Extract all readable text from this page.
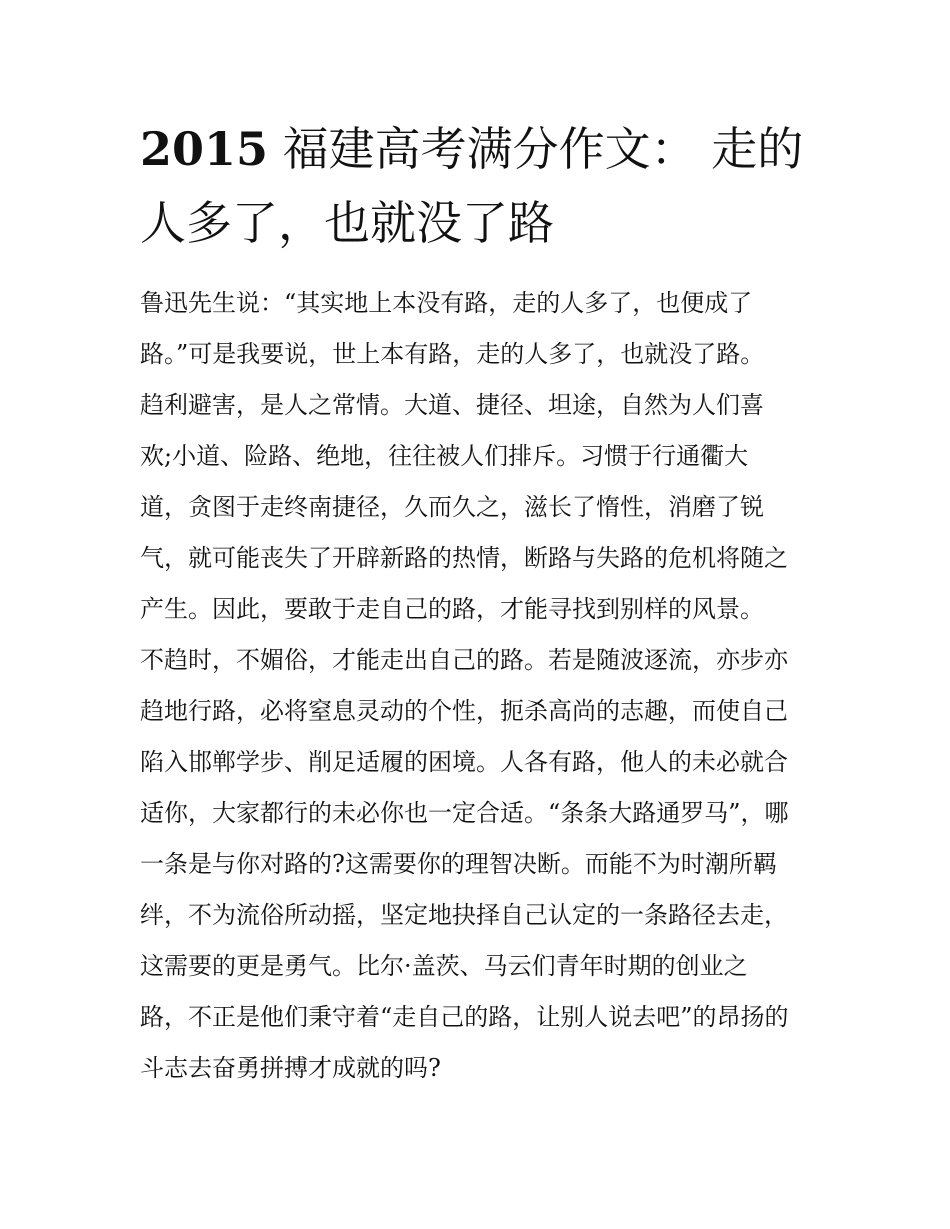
2015 福建高考满分作文： 走的
人多了，也就没了路
鲁迅先生说：“其实地上本没有路，走的人多了，也便成了
路。”可是我要说，世上本有路，走的人多了，也就没了路。
趋利避害，是人之常情。大道、捷径、坦途，自然为人们喜
欢;小道、险路、绝地，往往被人们排斥。习惯于行通衢大
道，贪图于走终南捷径，久而久之，滋长了惰性，消磨了锐
气，就可能丧失了开辟新路的热情，断路与失路的危机将随之
产生。因此，要敢于走自己的路，才能寻找到别样的风景。
不趋时，不媚俗，才能走出自己的路。若是随波逐流，亦步亦
趋地行路，必将窒息灵动的个性，扼杀高尚的志趣，而使自己
陷入邯郸学步、削足适履的困境。人各有路，他人的未必就合
适你，大家都行的未必你也一定合适。“条条大路通罗马”，哪
一条是与你对路的?这需要你的理智决断。而能不为时潮所羁
绊，不为流俗所动摇，坚定地抉择自己认定的一条路径去走，
这需要的更是勇气。比尔·盖茨、马云们青年时期的创业之
路，不正是他们秉守着“走自己的路，让别人说去吧”的昂扬的
斗志去奋勇拼搏才成就的吗?
